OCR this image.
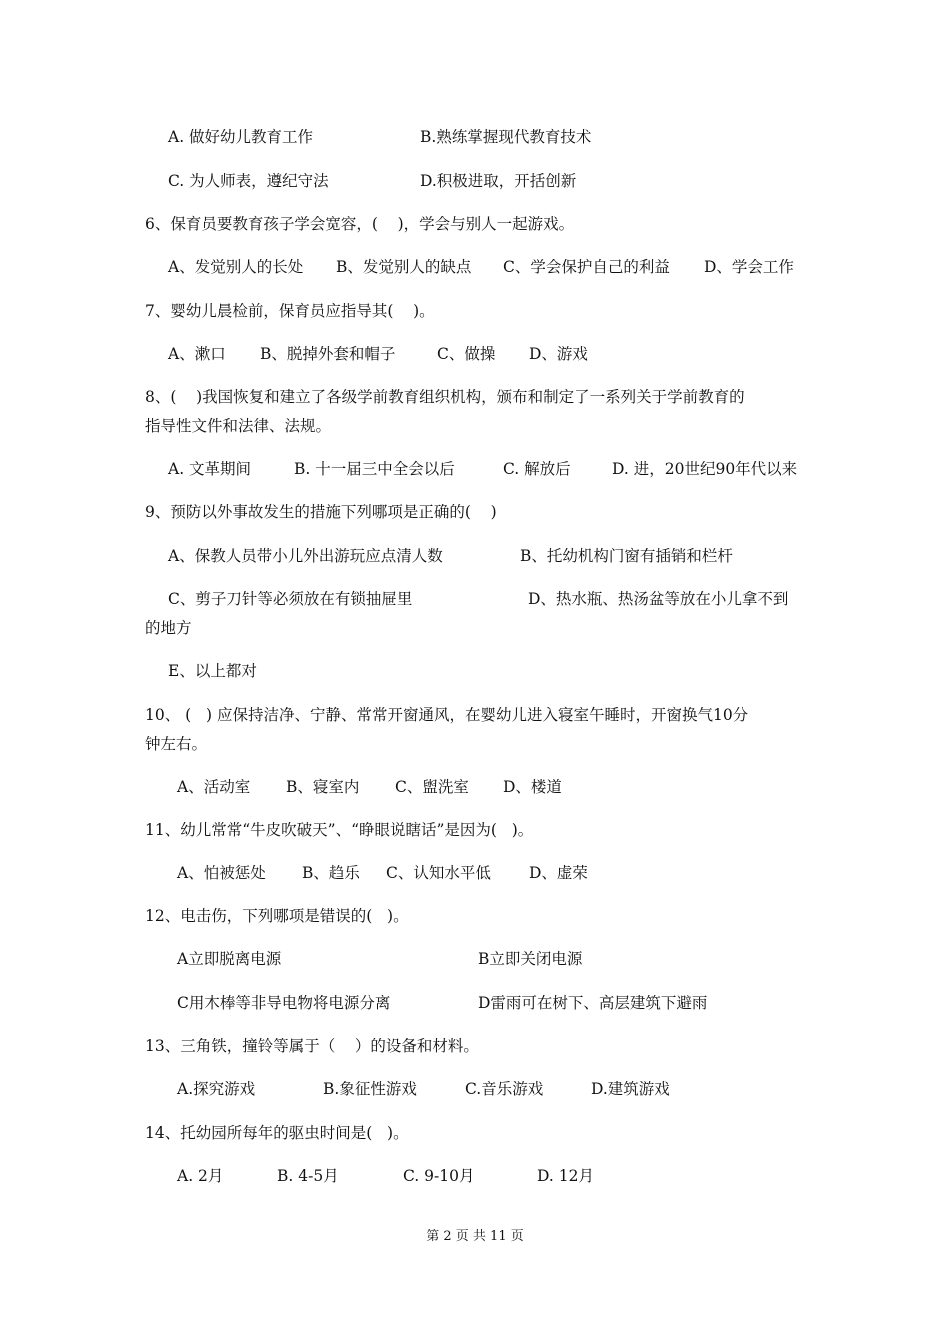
A. 做好幼儿教育工作	B.熟练掌握现代教育技术
C. 为人师表，遵纪守法	D.积极进取，开括创新
6、保育员要教育孩子学会宽容，(    )，学会与别人一起游戏。
A、发觉别人的长处 B、发觉别人的缺点 C、学会保护自己的利益 D、学会工作
7、婴幼儿晨检前，保育员应指导其(    )。
A、漱口 B、脱掉外套和帽子	C、做操 D、游戏
8、(    )我国恢复和建立了各级学前教育组织机构，颁布和制定了一系列关于学前教育的
指导性文件和法律、法规。
A. 文革期间	B. 十一届三中全会以后	C. 解放后	D. 进，20世纪90年代以来
9、预防以外事故发生的措施下列哪项是正确的(    )
A、保教人员带小儿外出游玩应点清人数	B、托幼机构门窗有插销和栏杆
C、剪子刀针等必须放在有锁抽屉里	D、热水瓶、热汤盆等放在小儿拿不到
的地方
E、以上都对
10、 (   ) 应保持洁净、宁静、常常开窗通风，在婴幼儿进入寝室午睡时，开窗换气10分
钟左右。
A、活动室 B、寝室内 C、盥洗室 D、楼道
11、幼儿常常“牛皮吹破天”、“睁眼说瞎话”是因为(   )。
A、怕被惩处 B、趋乐 C、认知水平低 D、虚荣
12、电击伤，下列哪项是错误的(   )。
A立即脱离电源	B立即关闭电源
C用木棒等非导电物将电源分离	D雷雨可在树下、高层建筑下避雨
13、三角铁，撞铃等属于（    ）的设备和材料。
A.探究游戏	B.象征性游戏	C.音乐游戏	D.建筑游戏
14、托幼园所每年的驱虫时间是(   )。
A. 2月	B. 4-5月	C. 9-10月	D. 12月
第 2 页 共 11 页
